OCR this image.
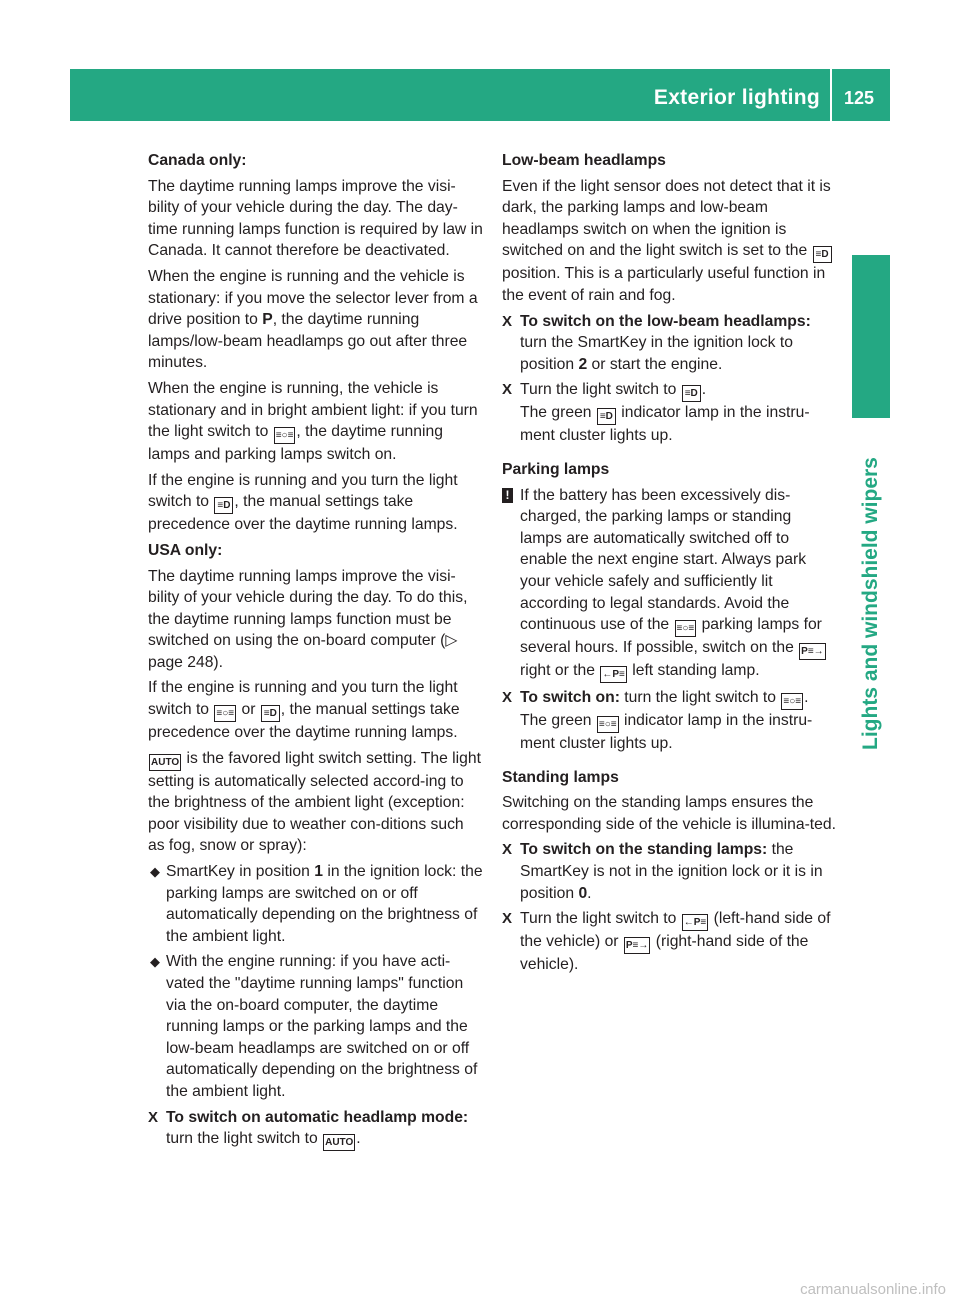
Exterior lighting 125
Lights and windshield wipers

Canada only:

The daytime running lamps improve the visi-bility of your vehicle during the day. The day-time running lamps function is required by law in Canada. It cannot therefore be deactivated.

When the engine is running and the vehicle is stationary: if you move the selector lever from a drive position to P, the daytime running lamps/low-beam headlamps go out after three minutes.

When the engine is running, the vehicle is stationary and in bright ambient light: if you turn the light switch to ≡○≡ , the daytime running lamps and parking lamps switch on.

If the engine is running and you turn the light switch to ≡D , the manual settings take precedence over the daytime running lamps.

USA only:

The daytime running lamps improve the visi-bility of your vehicle during the day. To do this, the daytime running lamps function must be switched on using the on-board computer (▷ page 248).

If the engine is running and you turn the light switch to ≡○≡ or ≡D , the manual settings take precedence over the daytime running lamps.

AUTO is the favored light switch setting. The light setting is automatically selected accord-ing to the brightness of the ambient light (exception: poor visibility due to weather con-ditions such as fog, snow or spray):

◆ SmartKey in position 1 in the ignition lock: the parking lamps are switched on or off automatically depending on the brightness of the ambient light.
◆ With the engine running: if you have acti-vated the "daytime running lamps" function via the on-board computer, the daytime running lamps or the parking lamps and the low-beam headlamps are switched on or off automatically depending on the brightness of the ambient light.
X To switch on automatic headlamp mode: turn the light switch to AUTO .

Low-beam headlamps

Even if the light sensor does not detect that it is dark, the parking lamps and low-beam headlamps switch on when the ignition is switched on and the light switch is set to the ≡D position. This is a particularly useful function in the event of rain and fog.

X To switch on the low-beam headlamps: turn the SmartKey in the ignition lock to position 2 or start the engine.
X Turn the light switch to ≡D .
The green ≡D indicator lamp in the instru-ment cluster lights up.

Parking lamps

! If the battery has been excessively dis-charged, the parking lamps or standing lamps are automatically switched off to enable the next engine start. Always park your vehicle safely and sufficiently lit according to legal standards. Avoid the continuous use of the ≡○≡ parking lamps for several hours. If possible, switch on the P≡→ right or the ←P≡ left standing lamp.
X To switch on: turn the light switch to ≡○≡ .
The green ≡○≡ indicator lamp in the instru-ment cluster lights up.

Standing lamps

Switching on the standing lamps ensures the corresponding side of the vehicle is illumina-ted.

X To switch on the standing lamps: the SmartKey is not in the ignition lock or it is in position 0.
X Turn the light switch to ←P≡ (left-hand side of the vehicle) or P≡→ (right-hand side of the vehicle).
carmanualsonline.info
